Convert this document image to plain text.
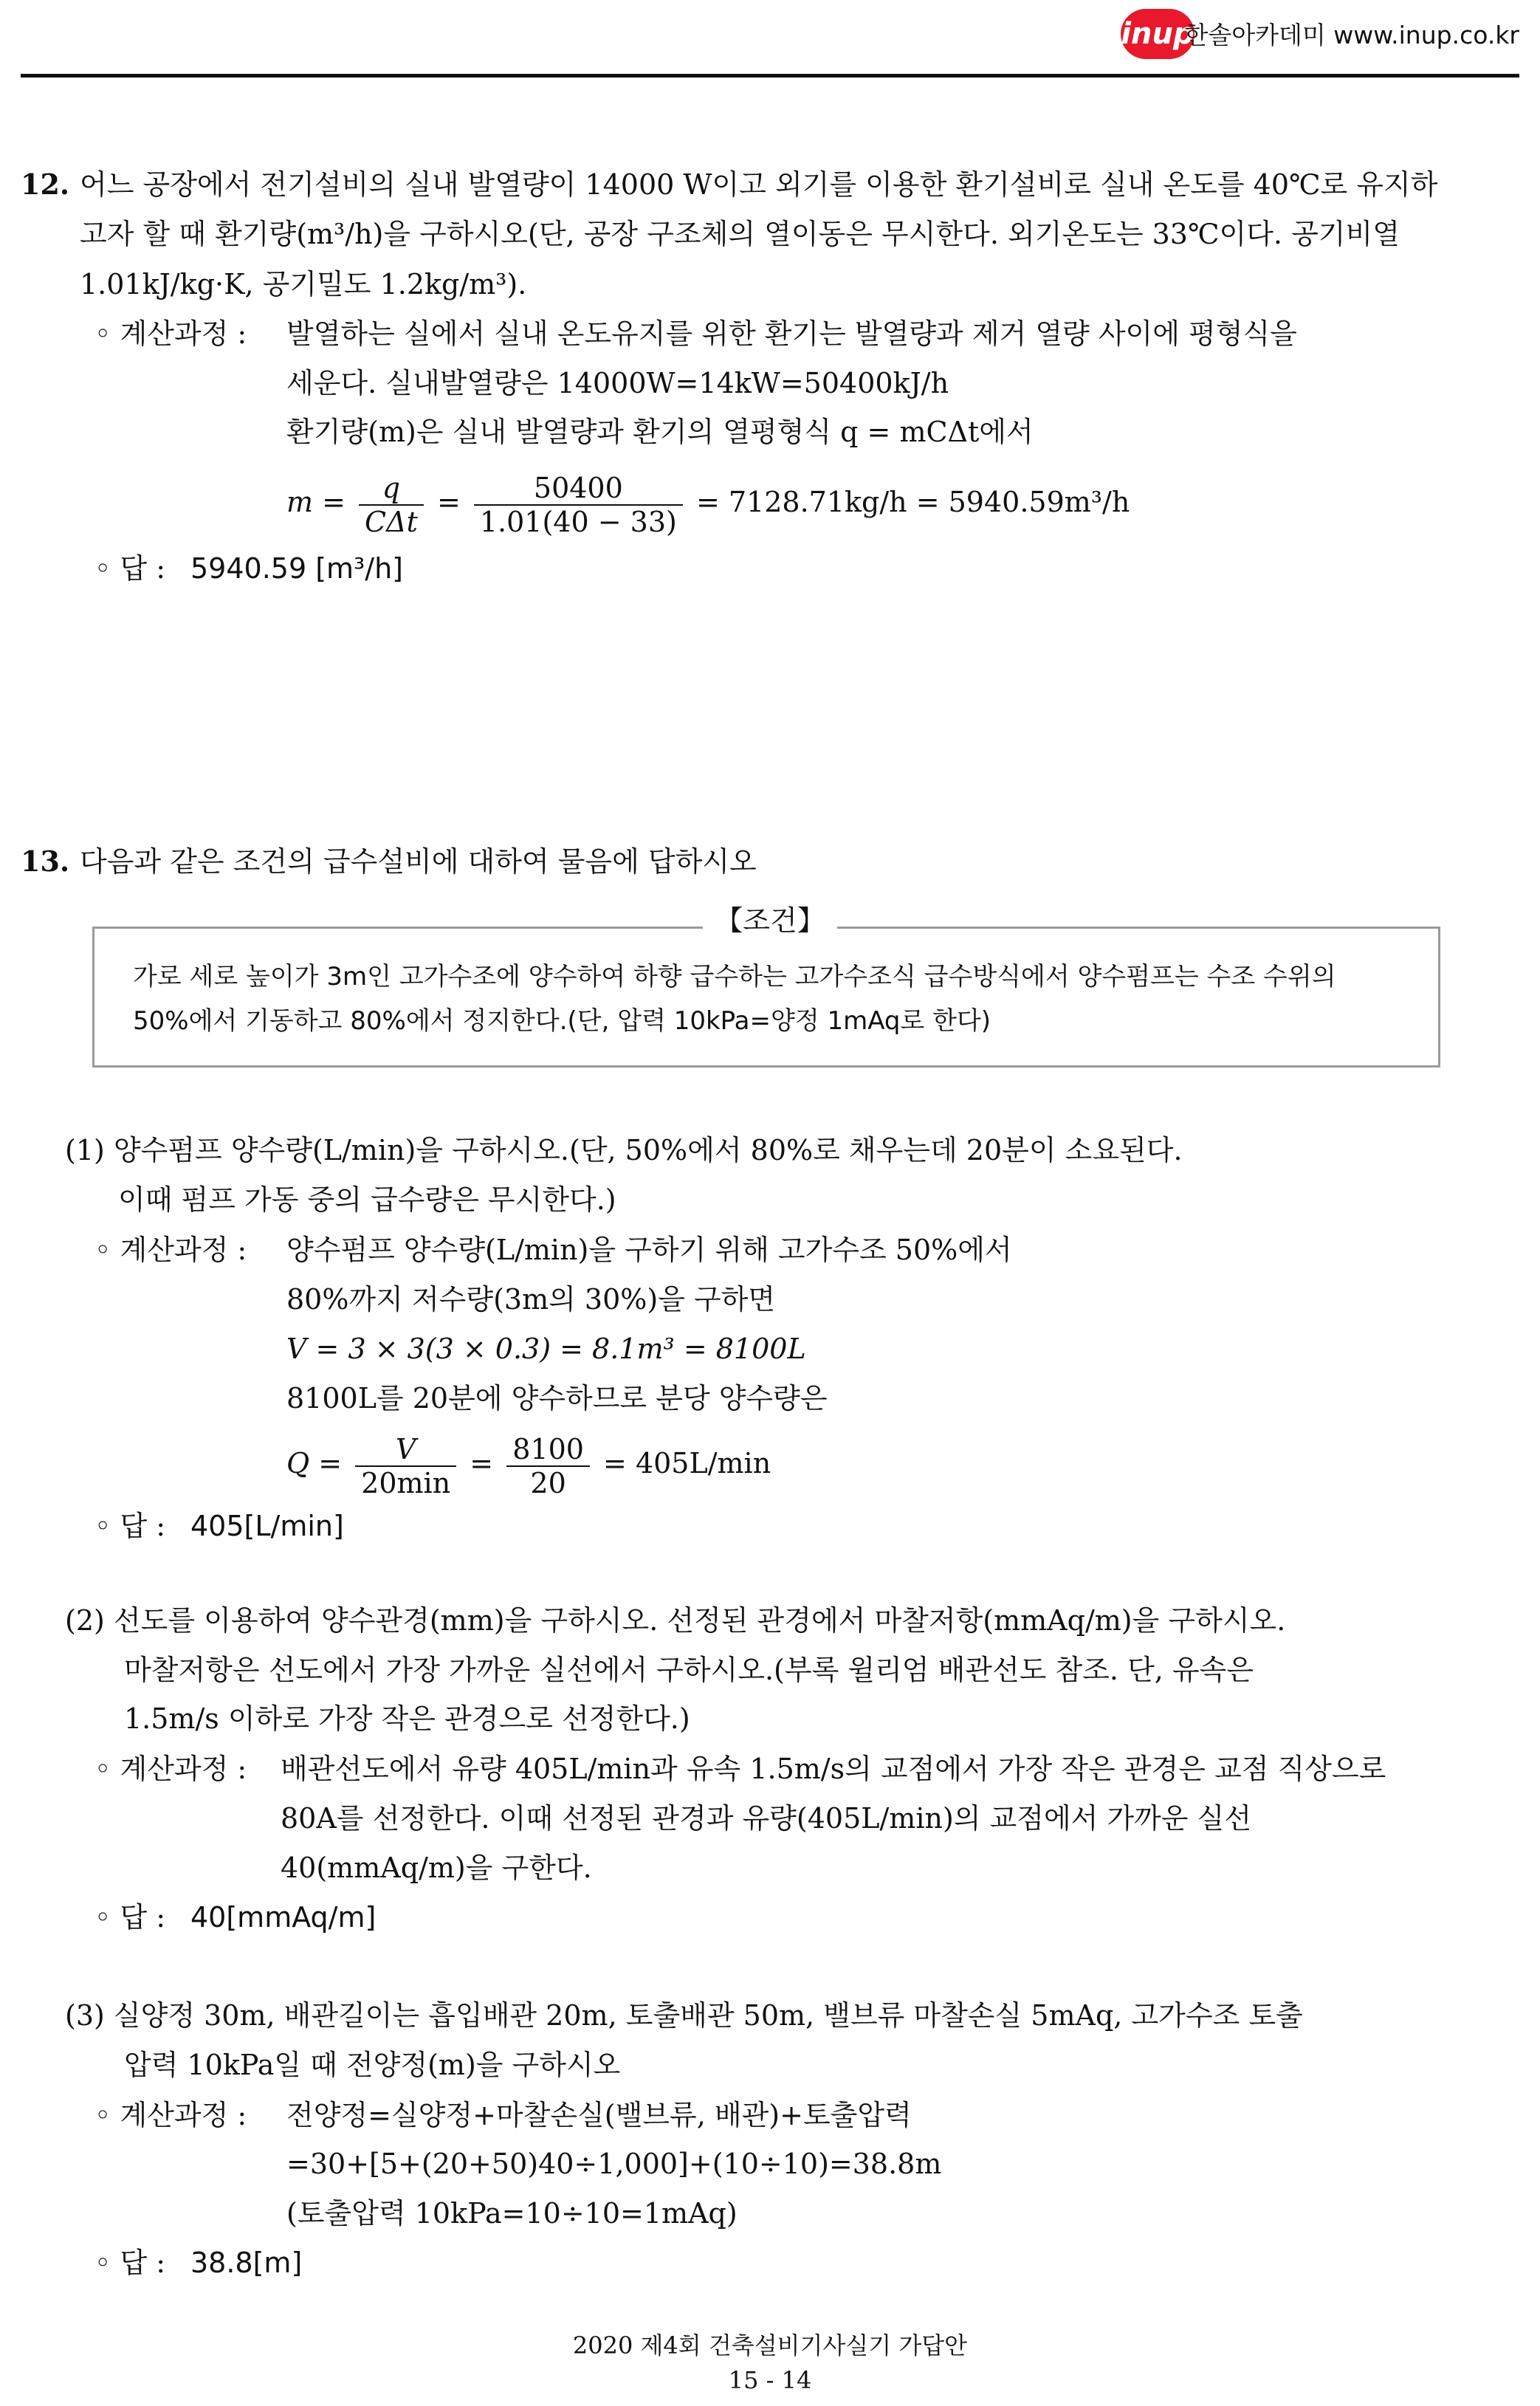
inup
한솔아카데미 www.inup.co.kr
12. 어느 공장에서 전기설비의 실내 발열량이 14000 W이고 외기를 이용한 환기설비로 실내 온도를 40℃로 유지하
고자 할 때 환기량(m³/h)을 구하시오(단, 공장 구조체의 열이동은 무시한다. 외기온도는 33℃이다. 공기비열
1.01kJ/kg·K, 공기밀도 1.2kg/m³).
◦ 계산과정 : 발열하는 실에서 실내 온도유지를 위한 환기는 발열량과 제거 열량 사이에 평형식을
세운다. 실내발열량은 14000W=14kW=50400kJ/h
환기량(m)은 실내 발열량과 환기의 열평형식 q = mCΔt에서
$m = \frac{q}{\text{CΔt}} = \frac{50400}{1.01(40 - 33)} = 7128.71kg/h = 5940.59m^3/h$
◦ 답 : 5940.59 [m³/h]
13. 다음과 같은 조건의 급수설비에 대하여 물음에 답하시오
【조건】
가로 세로 높이가 3m인 고가수조에 양수하여 하향 급수하는 고가수조식 급수방식에서 양수펌프는 수조 수위의
50%에서 기동하고 80%에서 정지한다.(단, 압력 10kPa=양정 1mAq로 한다)
(1) 양수펌프 양수량(L/min)을 구하시오.(단, 50%에서 80%로 채우는데 20분이 소요된다.
이때 펌프 가동 중의 급수량은 무시한다.)
◦ 계산과정 : 양수펌프 양수량(L/min)을 구하기 위해 고가수조 50%에서
80%까지 저수량(3m의 30%)을 구하면
V = 3 × 3(3 × 0.3) = 8.1m³ = 8100L
8100L를 20분에 양수하므로 분당 양수량은
$Q = \frac{V}{20\min} = \frac{8100}{20} = 405L/\min$
◦ 답 : 405[L/min]
(2) 선도를 이용하여 양수관경(mm)을 구하시오. 선정된 관경에서 마찰저항(mmAq/m)을 구하시오.
마찰저항은 선도에서 가장 가까운 실선에서 구하시오.(부록 윌리엄 배관선도 참조. 단, 유속은
1.5m/s 이하로 가장 작은 관경으로 선정한다.)
◦ 계산과정 : 배관선도에서 유량 405L/min과 유속 1.5m/s의 교점에서 가장 작은 관경은 교점 직상으로
80A를 선정한다. 이때 선정된 관경과 유량(405L/min)의 교점에서 가까운 실선
40(mmAq/m)을 구한다.
◦ 답 : 40[mmAq/m]
(3) 실양정 30m, 배관길이는 흡입배관 20m, 토출배관 50m, 밸브류 마찰손실 5mAq, 고가수조 토출
압력 10kPa일 때 전양정(m)을 구하시오
◦ 계산과정 : 전양정=실양정+마찰손실(밸브류, 배관)+토출압력
=30+[5+(20+50)40÷1,000]+(10÷10)=38.8m
(토출압력 10kPa=10÷10=1mAq)
◦ 답 : 38.8[m]
2020 제4회 건축설비기사실기 가답안
15 - 14
